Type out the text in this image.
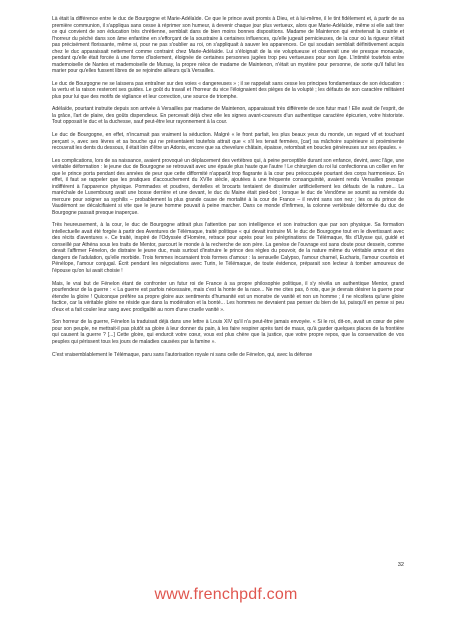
Là était la différence entre le duc de Bourgogne et Marie-Adélaïde. Ce que le prince avait promis à Dieu, et à lui-même, il le tint fidèlement et, à partir de sa première communion, il s'appliqua sans cesse à réprimer son humeur, à devenir chaque jour plus vertueux, alors que Marie-Adélaïde, même si elle sait tirer ce qui convient de son éducation très chrétienne, semblait dans de bien moins bonnes dispositions. Madame de Maintenon qui entretenait la crainte et l'horreur du péché dans son âme enfantine en s'efforçant de la soustraire à certaines influences, qu'elle jugeait pernicieuses, de la cour où la rigueur n'était pas précisément florissante, même si, pour ne pas s'oublier au roi, on s'appliquait à sauver les apparences. Ce qui soudain semblait définitivement acquis chez le duc apparaissait nettement comme contraint chez Marie-Adélaïde. Lui s'éloignait de la vie voluptueuse et observait une vie presque monacale, pendant qu'elle était forcée à une forme d'isolement, éloignée de certaines personnes jugées trop peu vertueuses pour son âge. L'intimité toutefois entre mademoiselle de Nantes et mademoiselle de Mursay, la propre nièce de madame de Maintenon, n'était un mystère pour personne, de sorte qu'il fallut les marier pour qu'elles fussent libres de se rejoindre ailleurs qu'à Versailles.

Le duc de Bourgogne ne se laissera pas entraîner sur des voies « dangereuses » ; il se rappelait sans cesse les principes fondamentaux de son éducation : la vertu et la raison resteront ses guides. Le goût du travail et l'horreur du vice l'éloignaient des pièges de la volupté ; les défauts de son caractère militaient plus pour lui que des motifs de vigilance et leur correction, une source de triomphe.

Adélaïde, pourtant instruite depuis son arrivée à Versailles par madame de Maintenon, apparaissait très différente de son futur mari ! Elle avait de l'esprit, de la grâce, l'art de plaire, des goûts dispendieux. En percevait déjà chez elle les signes avant-coureurs d'un authentique caractère épicurien, votre historiste. Tout opposait le duc et la duchesse, sauf peut-être leur rayonnement à la cour.

Le duc de Bourgogne, en effet, n'incarnait pas vraiment la séduction. Malgré « le front parfait, les plus beaux yeux du monde, un regard vif et touchant perçant », avec ses lèvres et sa bouche qui ne présentaient toutefois attrait que « s'il les tenait fermées, [car] sa mâchoire supérieure si proéminente recouvrait les dents du dessous, il était loin d'être un Adonis, encore que sa chevelure châtain, épaisse, retombait en boucles généreuses sur ses épaules. »

Les complications, lors de sa naissance, avaient provoqué un déplacement des vertèbres qui, à peine perceptible durant son enfance, devint, avec l'âge, une véritable déformation : le jeune duc de Bourgogne se retrouvait avec une épaule plus haute que l'autre ! Le chirurgien du roi lui confectionna un collier en fer que le prince porta pendant des années de peur que cette difformité n'apparût trop flagrante à la cour peu préoccupée pourtant des corps harmonieux. En effet, il faut se rappeler que les pratiques d'accouchement du XVIIe siècle, ajoutées à une fréquente consanguinité, avaient rendu Versailles presque indifférent à l'apparence physique. Pommades et poudres, dentelles et brocarts tentaient de dissimuler artificiellement les défauts de la nature... La maréchale de Luxembourg avait une bosse derrière et une devant, le duc du Maine était pied-bot ; lorsque le duc de Vendôme se soumit au remède du mercure pour soigner sa syphilis – probablement la plus grande cause de mortalité à la cour de France – il revint sans son nez ; les os du prince de Vaudémont se décalcifiaient si vite que le jeune homme pouvait à peine marcher. Dans ce monde d'infirmes, la colonne vertébrale déformée du duc de Bourgogne passait presque inaperçue.

Très heureusement, à la cour, le duc de Bourgogne attirait plus l'attention par son intelligence et son instruction que par son physique. Sa formation intellectuelle avait été forgée à partir des Aventures de Télémaque, traité politique « qui devait instruire M. le duc de Bourgogne tout en le divertissant avec des récits d'aventures ». Ce traité, inspiré de l'Odyssée d'Homère, retrace pour après pour les pérégrinations de Télémaque, fils d'Ulysse qui, guidé et conseillé par Athéna sous les traits de Mentor, parcourt le monde à la recherche de son père. La genèse de l'ouvrage est sans doute pour dessein, comme devait l'affirmer Fénelon, de distraire le jeune duc, mais surtout d'instruire le prince des règles du pouvoir, de la nature même du véritable amour et des dangers de l'adulation, qu'elle morbide. Trois femmes incarnaient trois formes d'amour : la sensuelle Calypso, l'amour charnel, Eucharis, l'amour courtois et Pénélope, l'amour conjugal. Écrit pendant les négociations avec Turin, le Télémaque, de toute évidence, préparait son lecteur à tomber amoureux de l'épouse qu'on lui avait choisie !

Mais, le vrai but de Fénelon étant de confronter un futur roi de France à sa propre philosophie politique, il s'y révéla un authentique Mentor, grand pourfendeur de la guerre : « La guerre est parfois nécessaire, mais c'est la honte de la race... Ne me cites pas, ô rois, que je devrais désirer la guerre pour étendre la gloire ! Quiconque préfère sa propre gloire aux sentiments d'humanité est un monstre de vanité et non un homme ; il ne récoltera qu'une gloire factice, car la véritable gloire ne réside que dans la modération et la bonté... Les hommes ne devraient pas penser du bien de lui, puisqu'il en pense si peu d'eux et a fait couler leur sang avec prodigalité au nom d'une cruelle vanité ».

Son horreur de la guerre, Fénelon la traduisait déjà dans une lettre à Louis XIV qu'il n'a peut-être jamais envoyée. « Si le roi, dit-on, avait un cœur de père pour son peuple, ne mettrait-il pas plutôt sa gloire à leur donner du pain, à les faire respirer après tant de maux, qu'à garder quelques places de la frontière qui causent la guerre ? [...] Cette gloire, qui endurcit votre cœur, vous est plus chère que la justice, que votre propre repos, que la conservation de vos peuples qui périssent tous les jours de maladies causées par la famine ».

C'est vraisemblablement le Télémaque, paru sans l'autorisation royale ni sans celle de Fénelon, qui, avec la défense

32
www.frenchpdf.com
